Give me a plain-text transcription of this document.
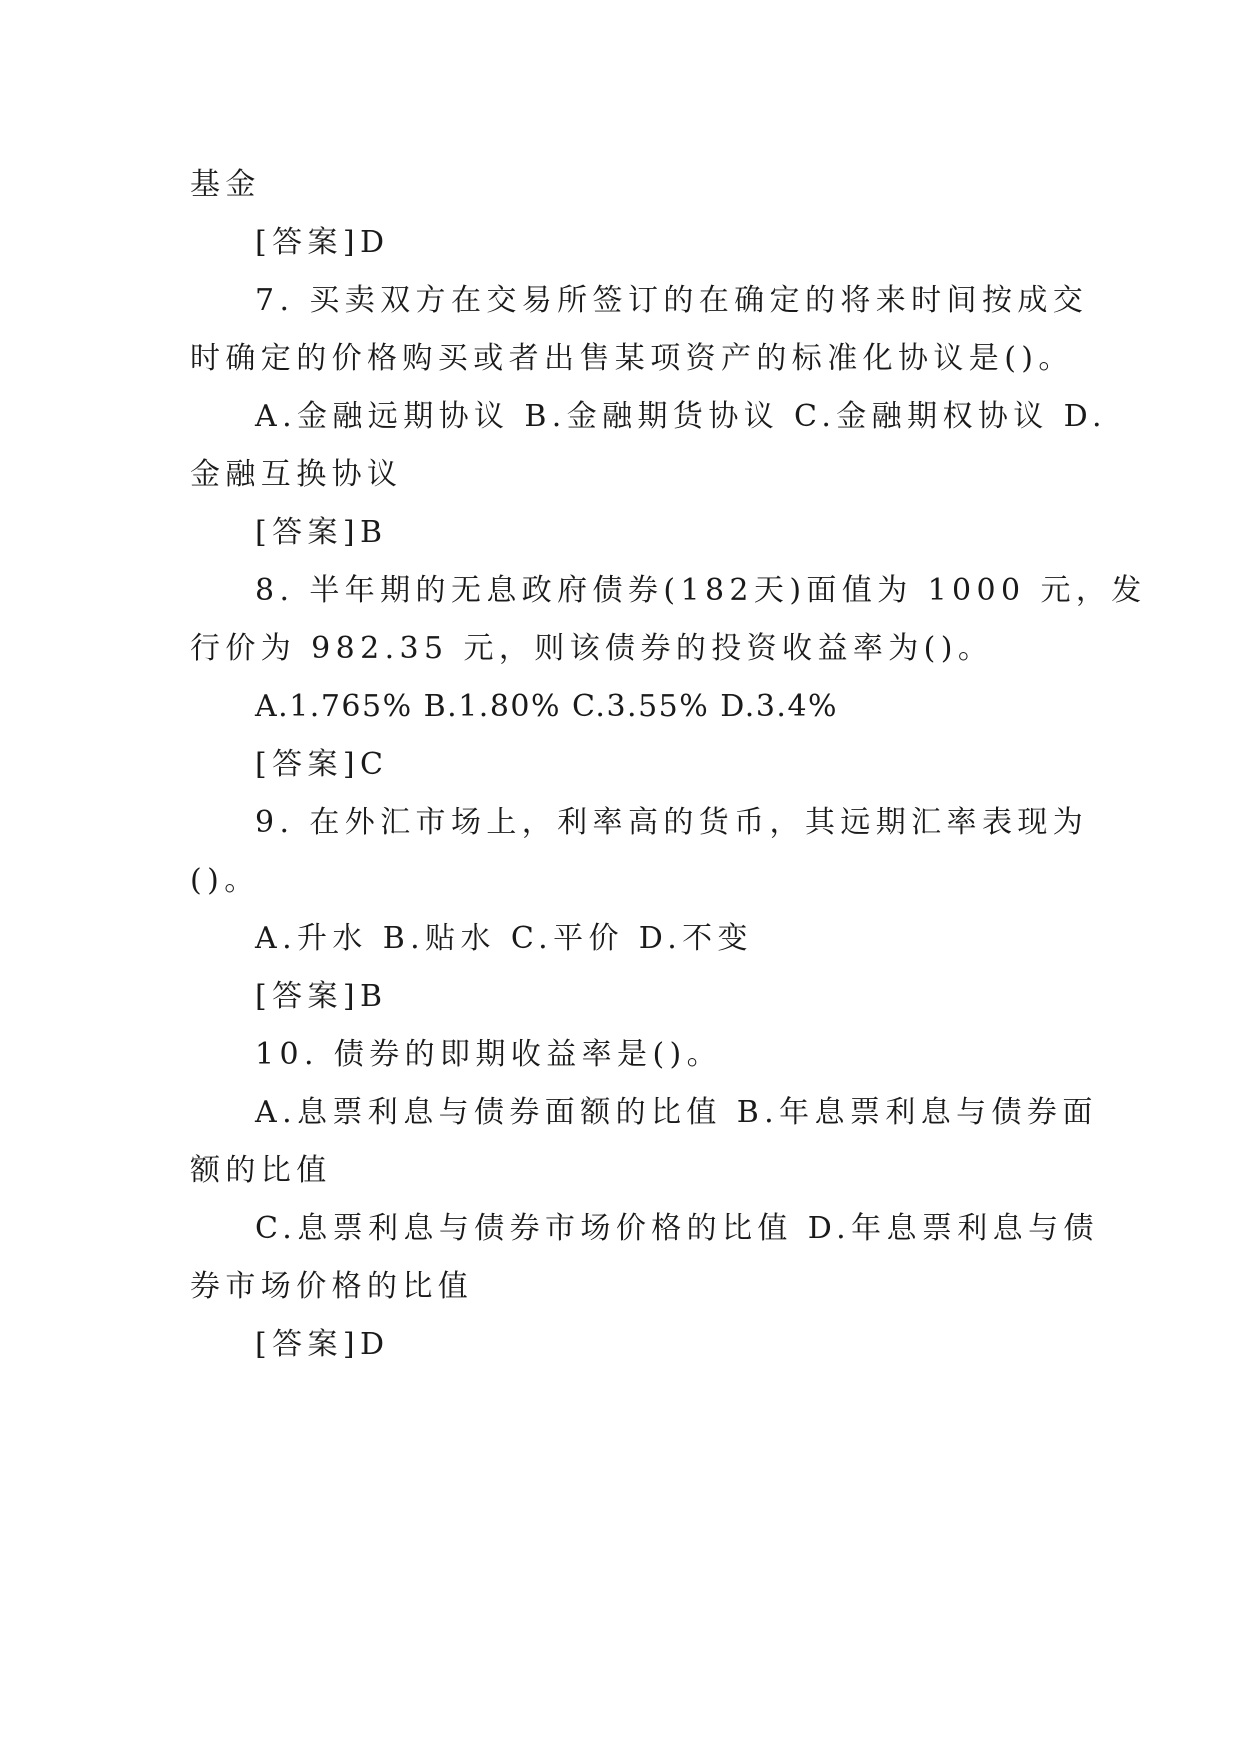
基金
[答案]D
7. 买卖双方在交易所签订的在确定的将来时间按成交
时确定的价格购买或者出售某项资产的标准化协议是()。
A.金融远期协议 B.金融期货协议 C.金融期权协议 D.
金融互换协议
[答案]B
8. 半年期的无息政府债券(182天)面值为 1000 元，发
行价为 982.35 元，则该债券的投资收益率为()。
A.1.765% B.1.80% C.3.55% D.3.4%
[答案]C
9. 在外汇市场上，利率高的货币，其远期汇率表现为
()。
A.升水 B.贴水 C.平价 D.不变
[答案]B
10. 债券的即期收益率是()。
A.息票利息与债券面额的比值 B.年息票利息与债券面
额的比值
C.息票利息与债券市场价格的比值 D.年息票利息与债
券市场价格的比值
[答案]D
